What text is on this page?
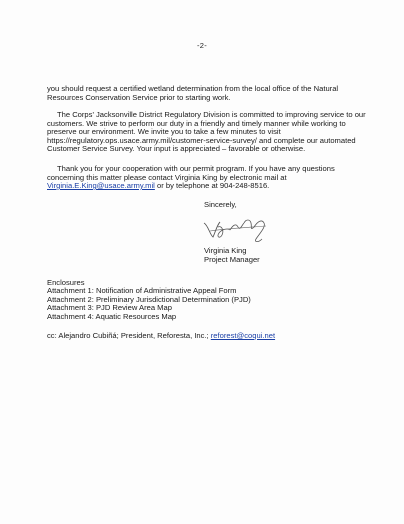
-2-

you should request a certified wetland determination from the local office of the Natural Resources Conservation Service prior to starting work.

The Corps' Jacksonville District Regulatory Division is committed to improving service to our customers. We strive to perform our duty in a friendly and timely manner while working to preserve our environment. We invite you to take a few minutes to visit https://regulatory.ops.usace.army.mil/customer-service-survey/ and complete our automated Customer Service Survey. Your input is appreciated – favorable or otherwise.

Thank you for your cooperation with our permit program. If you have any questions concerning this matter please contact Virginia King by electronic mail at Virginia.E.King@usace.army.mil or by telephone at 904-248-8516.

Sincerely,
Virginia King
Project Manager
Enclosures
Attachment 1: Notification of Administrative Appeal Form
Attachment 2: Preliminary Jurisdictional Determination (PJD)
Attachment 3: PJD Review Area Map
Attachment 4: Aquatic Resources Map
cc: Alejandro Cubiñá; President, Reforesta, Inc.; reforest@coqui.net
